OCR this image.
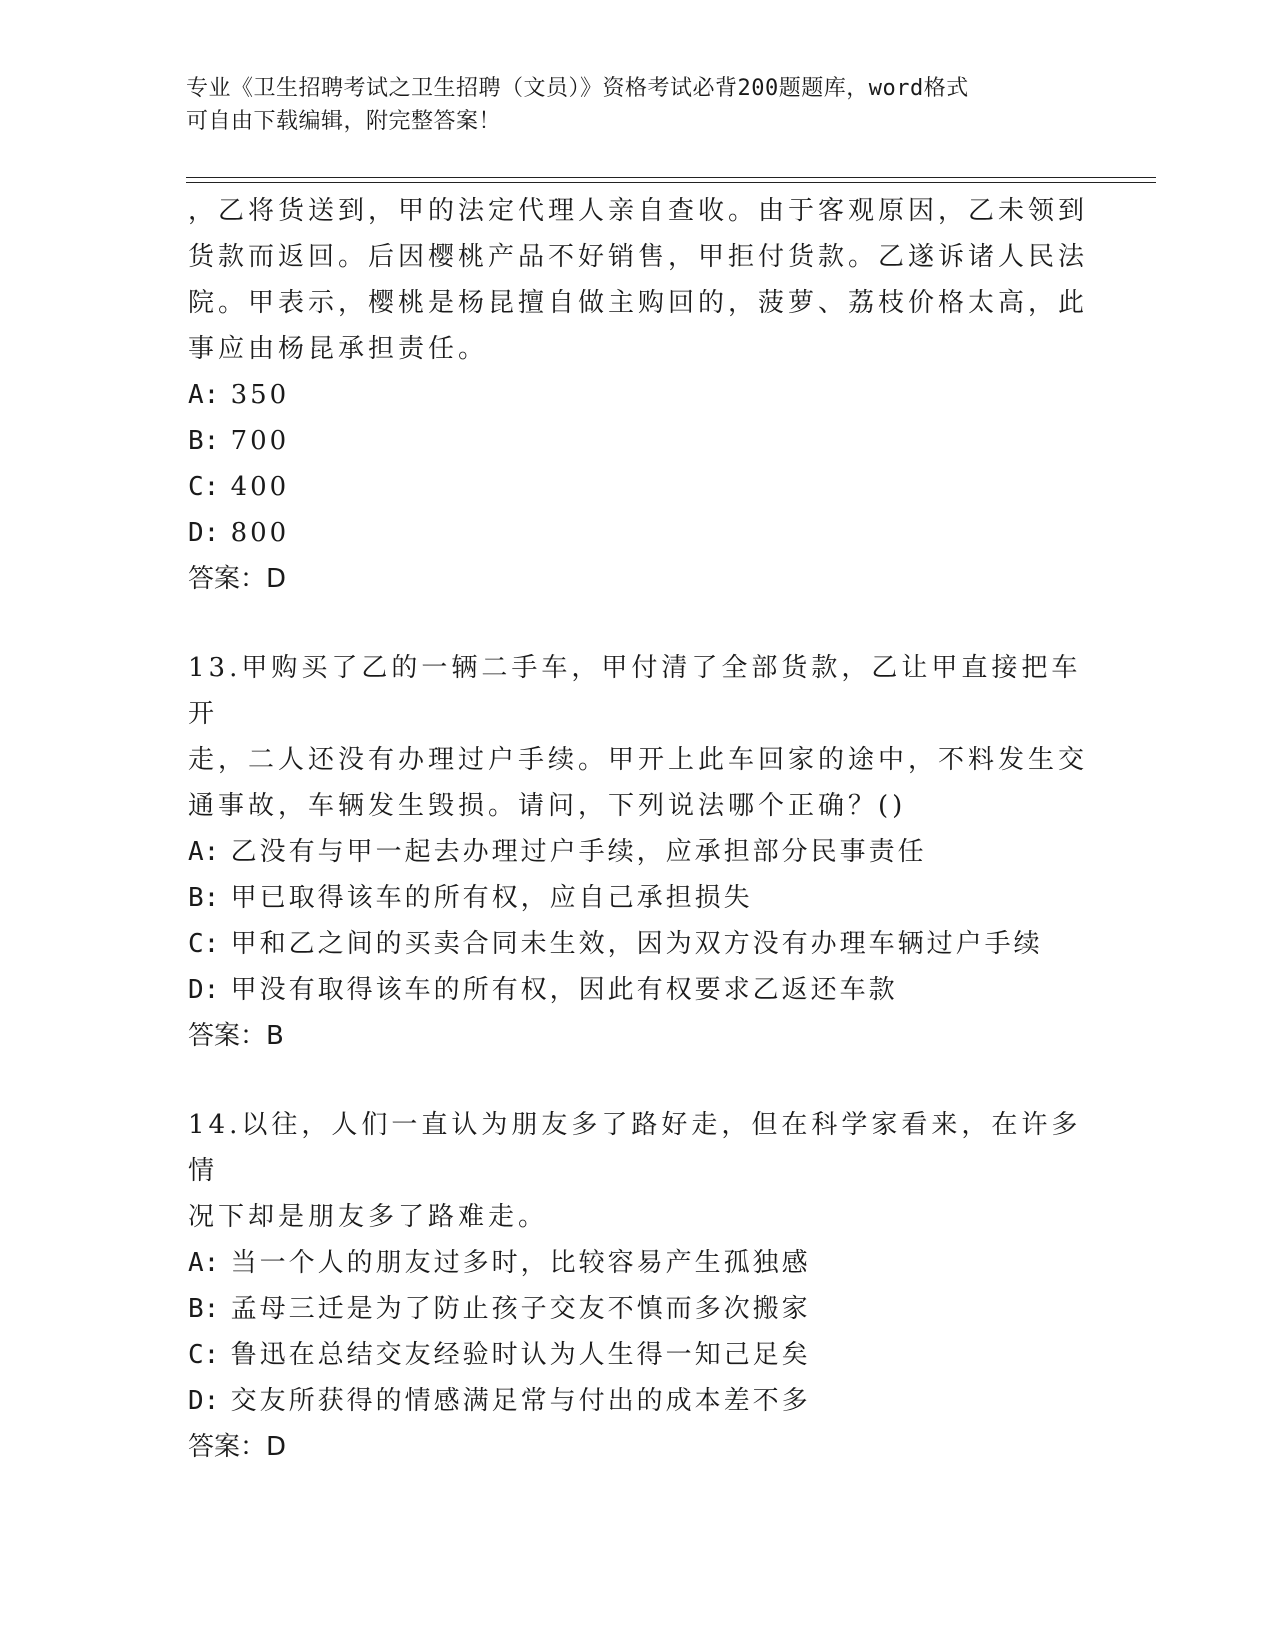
专业《卫生招聘考试之卫生招聘（文员）》资格考试必背200题题库，word格式
可自由下载编辑，附完整答案！

，乙将货送到，甲的法定代理人亲自查收。由于客观原因，乙未领到

货款而返回。后因樱桃产品不好销售，甲拒付货款。乙遂诉诸人民法

院。甲表示，樱桃是杨昆擅自做主购回的，菠萝、荔枝价格太高，此

事应由杨昆承担责任。

A: 350

B: 700

C: 400

D: 800

答案：D

13.甲购买了乙的一辆二手车，甲付清了全部货款，乙让甲直接把车开

走，二人还没有办理过户手续。甲开上此车回家的途中，不料发生交

通事故，车辆发生毁损。请问，下列说法哪个正确？()

A: 乙没有与甲一起去办理过户手续，应承担部分民事责任

B: 甲已取得该车的所有权，应自己承担损失

C: 甲和乙之间的买卖合同未生效，因为双方没有办理车辆过户手续

D: 甲没有取得该车的所有权，因此有权要求乙返还车款

答案：B

14.以往，人们一直认为朋友多了路好走，但在科学家看来，在许多情

况下却是朋友多了路难走。

A: 当一个人的朋友过多时，比较容易产生孤独感

B: 孟母三迁是为了防止孩子交友不慎而多次搬家

C: 鲁迅在总结交友经验时认为人生得一知己足矣

D: 交友所获得的情感满足常与付出的成本差不多

答案：D
